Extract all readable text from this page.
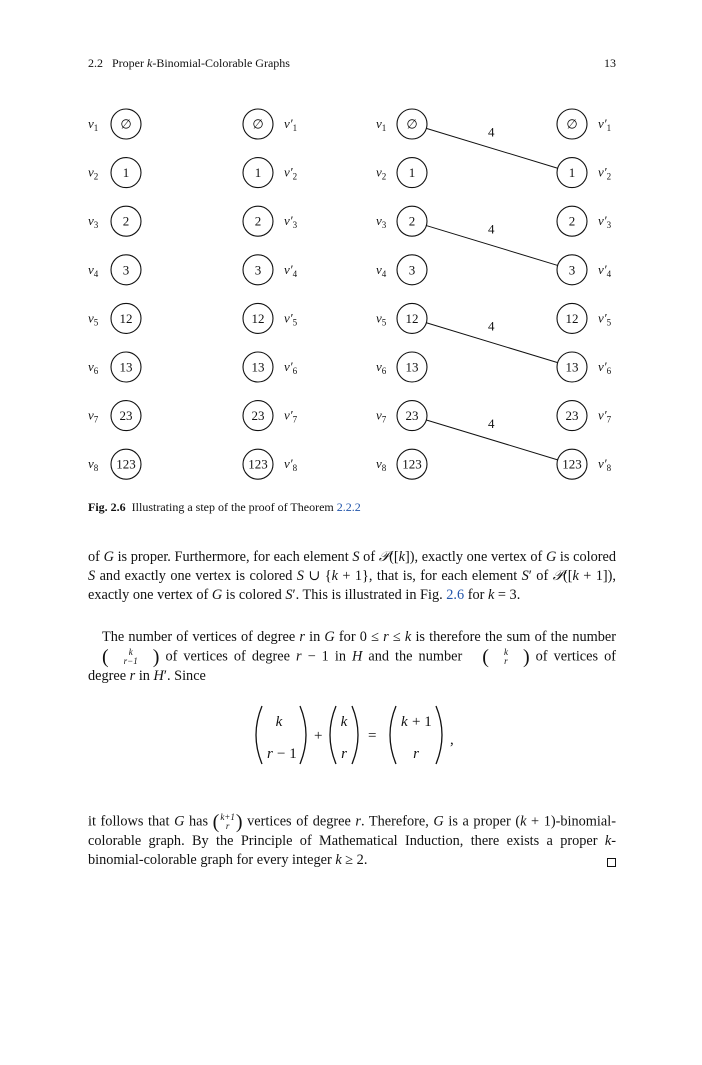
2.2 Proper k-Binomial-Colorable Graphs	13
4
4
4
4
∅	∅	∅	∅
$v_1$	$v_1$
$v'_1$	$v'_1$
1	1	1	1
$v_2$	$v_2$
$v'_2$	$v'_2$
2	2	2	2
$v_3$	$v_3$
$v'_3$	$v'_3$
3	3	3	3
$v_4$	$v_4$
$v'_4$	$v'_4$
12	12	12	12
$v_5$	$v_5$
$v'_5$	$v'_5$
13	13	13	13
$v_6$	$v_6$
$v'_6$	$v'_6$
23	23	23	23
$v_7$	$v_7$
$v'_7$	$v'_7$
123	123	123	123
$v_8$	$v_8$
$v'_8$	$v'_8$
Fig. 2.6 Illustrating a step of the proof of Theorem 2.2.2
of G is proper. Furthermore, for each element S of 𝒫([k]), exactly one vertex of G is colored S and exactly one vertex is colored S ∪ {k + 1}, that is, for each element S′ of 𝒫([k + 1]), exactly one vertex of G is colored S′. This is illustrated in Fig. 2.6 for k = 3.
The number of vertices of degree r in G for 0 ≤ r ≤ k is therefore the sum of the number
(	k
r−1 ) of vertices of degree r − 1 in H and the number (	k
r ) of vertices of degree r in H′. Since
k
r − 1
+
k
r
=
k + 1
r
,
it follows that G has ( k+1
r ) vertices of degree r. Therefore, G is a proper (k + 1)-binomial-colorable graph. By the Principle of Mathematical Induction, there exists a proper k-binomial-colorable graph for every integer k ≥ 2.
